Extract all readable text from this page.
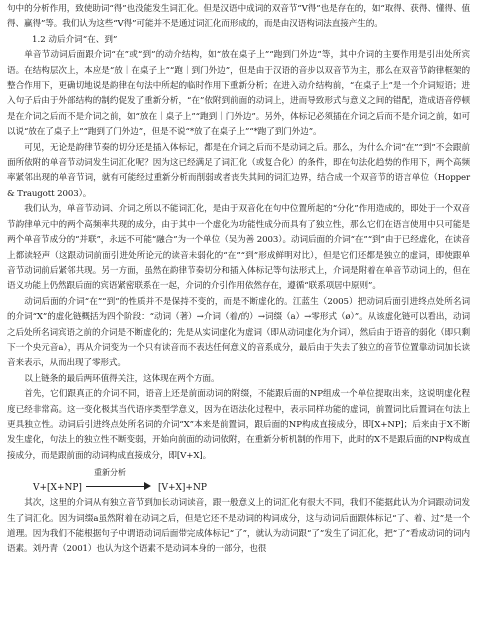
句中的分析作用，致使助词“得”也没能发生词汇化。但是汉语中成词的双音节“V得”也是存在的，如“取得、获得、懂得、值得、赢得”等。我们认为这些“V得”可能并不是通过词汇化而形成的，而是由汉语构词法直接产生的。

1.2 动后介词“在、到”

单音节动词后面跟介词“在”或“到”的动介结构，如“放在桌子上”“跑到门外边”等，其中介词的主要作用是引出处所宾语。在结构层次上，本应是“放｜在桌子上”“跑｜到门外边”，但是由于汉语的音步以双音节为主，那么在双音节韵律框架的整合作用下，更确切地说是韵律在句法中所起的临时作用下重新分析；在进入动介结构前，“在桌子上”是一个介词短语；进入句子后由于外部结构的制约促发了重新分析，“在”依附到前面的动词上，进而导致形式与意义之间的错配，造成语音停顿是在介词之后而不是介词之前，如“放在｜桌子上”“跑到｜门外边”。另外，体标记必须插在介词之后而不是介词之前，如可以说“放在了桌子上”“跑到了门外边”，但是不说“*放了在桌子上”“*跑了到门外边”。

可见，无论是韵律节奏的切分还是插入体标记，都是在介词之后而不是动词之后。那么，为什么介词“在”“到”不会跟前面所依附的单音节动词发生词汇化呢？因为这已经满足了词汇化（或复合化）的条件，即在句法化趋势的作用下，两个高频率紧邻出现的单音节词，就有可能经过重新分析而削弱或者丧失其间的词汇边界，结合成一个双音节的语言单位（Hopper & Traugott 2003）。

我们认为，单音节动词、介词之所以不能词汇化，是由于双音化在句中位置所起的“分化”作用造成的，即处于一个双音节韵律单元中的两个高频率共现的成分，由于其中一个虚化为功能性成分而具有了独立性，那么它们在语言使用中只可能是两个单音节成分的“并联”，永远不可能“融合”为一个单位（吴为善 2003）。动词后面的介词“在”“到”由于已经虚化，在读音上都读轻声（这跟动词前面引进处所论元的读音未弱化的“在”“到”形成鲜明对比），但是它们还都是独立的虚词，即使跟单音节动词前后紧邻共现。另一方面，虽然在韵律节奏切分和插入体标记等句法形式上，介词是附着在单音节动词上的，但在语义功能上仍然跟后面的宾语紧密联系在一起，介词的介引作用依然存在，遵循“联系项居中原则”。

动词后面的介词“在”“到”的性质并不是保持不变的，而是不断虚化的。江蓝生（2005）把动词后面引进终点处所名词的介词“X”的虚化链概括为四个阶段：“动词（著）→介词（着/的）→词缀（a）→零形式（ø）”。从该虚化链可以看出，动词之后处所名词宾语之前的介词是不断虚化的；先是从实词虚化为虚词（即从动词虚化为介词），然后由于语音的弱化（即只剩下一个央元音a），再从介词变为一个只有读音而不表达任何意义的音系成分，最后由于失去了独立的音节位置靠动词加长读音来表示，从而出现了零形式。

以上链条的最后两环值得关注，这体现在两个方面。

首先，它们跟真正的介词不同，语音上还是前面动词的附缀，不能跟后面的NP组成一个单位提取出来，这说明虚化程度已经非常高。这一变化极其当代语序类型学意义，因为在语法化过程中，表示同样功能的虚词，前置词比后置词在句法上更具独立性。动词后引进终点处所名词的介词“X”本来是前置词，跟后面的NP构成直接成分，即[X+NP]；后来由于X不断发生虚化，句法上的独立性不断变弱，开始向前面的动词依附，在重新分析机制的作用下，此时的X不是跟后面的NP构成直接成分，而是跟前面的动词构成直接成分，即[V+X]。

V+[X+NP]
重新分析
[V+X]+NP

其次，这里的介词从有独立音节到加长动词读音，跟一般意义上的词汇化有很大不同，我们不能据此认为介词跟动词发生了词汇化。因为词缀a虽然附着在动词之后，但是它还不是动词的构词成分，这与动词后面跟体标记“了、着、过”是一个道理。因为我们不能根据句子中谓语动词后面带完成体标记“了”，就认为动词跟“了”发生了词汇化，把“了”看成动词的词内语素。刘丹青（2001）也认为这个语素不是动词本身的一部分，也很
